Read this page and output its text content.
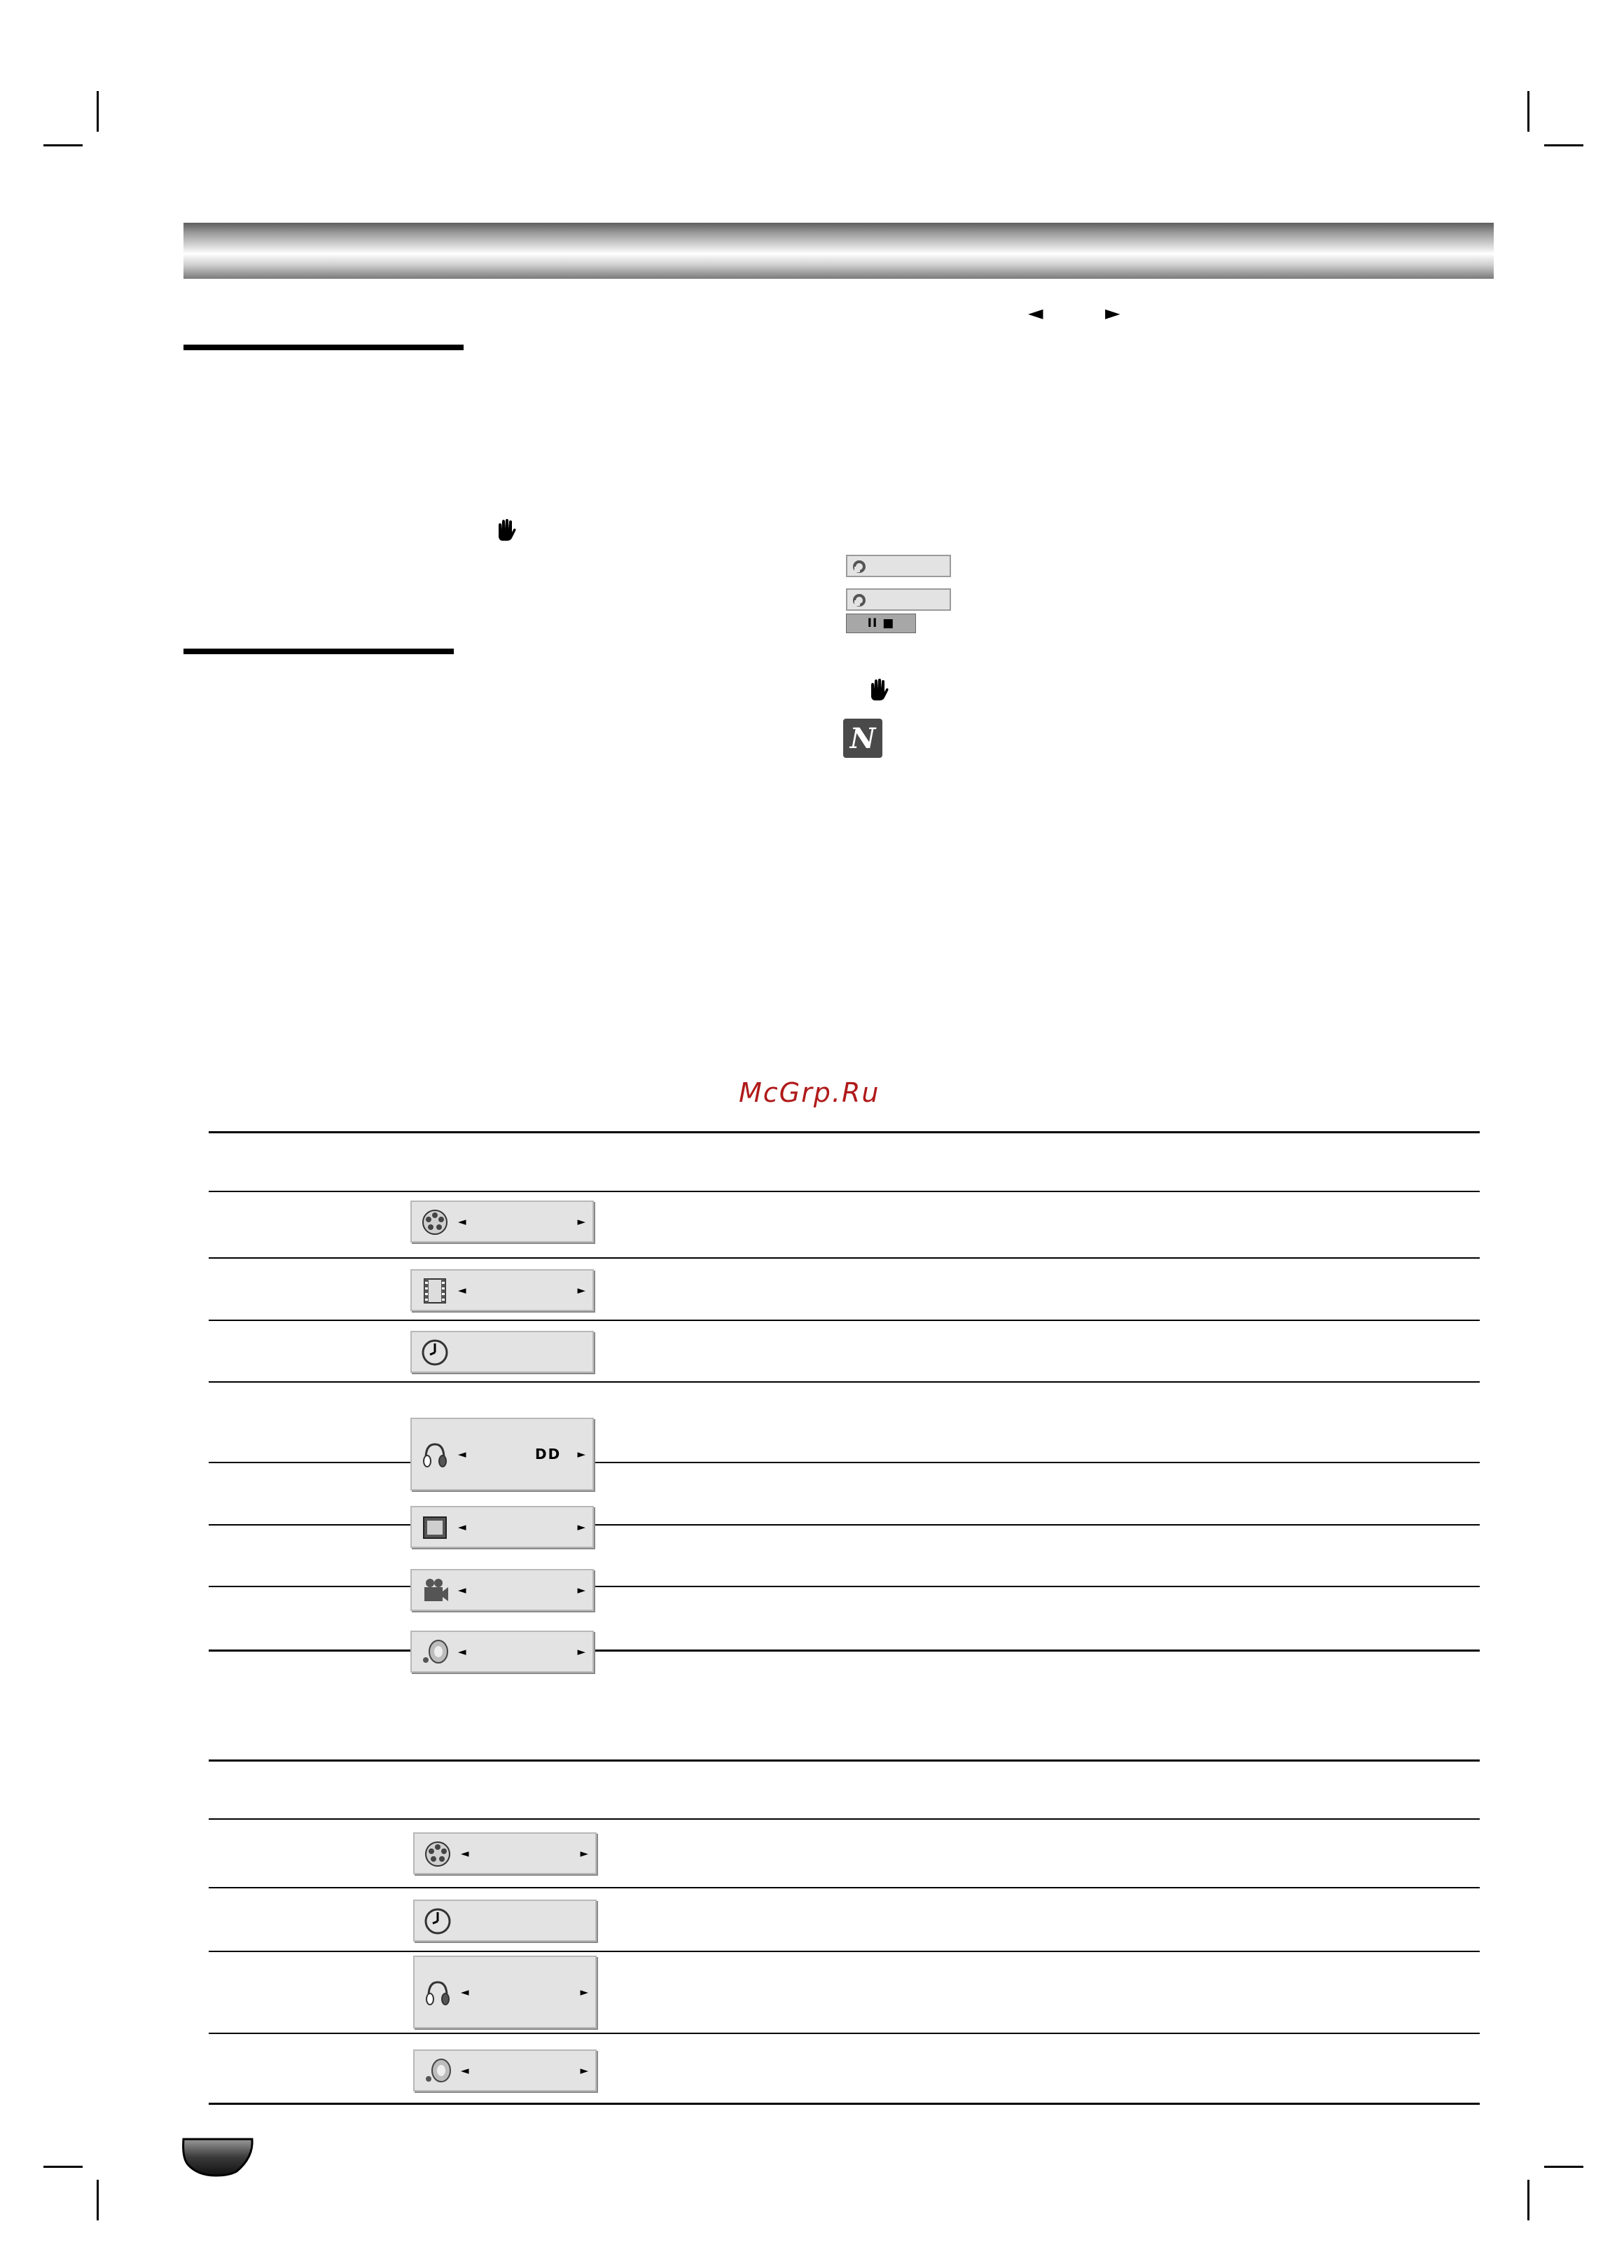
◄	►
II ■
N
McGrp.Ru
◄	►
◄	►
◄	DD ►
◄	►
◄	►
◄	►
◄	►
◄	►
◄	►
